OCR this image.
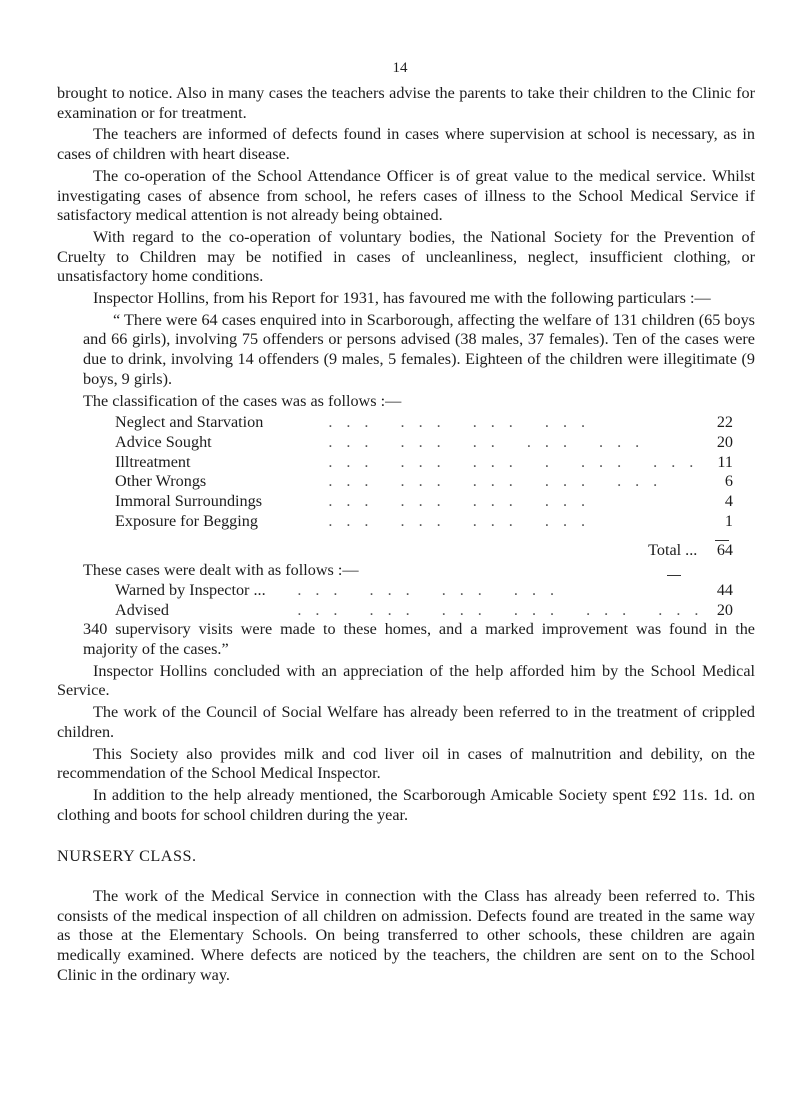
14

brought to notice. Also in many cases the teachers advise the parents to take their children to the Clinic for examination or for treatment.

The teachers are informed of defects found in cases where supervision at school is necessary, as in cases of children with heart disease.

The co-operation of the School Attendance Officer is of great value to the medical service. Whilst investigating cases of absence from school, he refers cases of illness to the School Medical Service if satisfactory medical attention is not already being obtained.

With regard to the co-operation of voluntary bodies, the National Society for the Prevention of Cruelty to Children may be notified in cases of uncleanliness, neglect, insufficient clothing, or unsatisfactory home conditions.

Inspector Hollins, from his Report for 1931, has favoured me with the following particulars :—

“ There were 64 cases enquired into in Scarborough, affecting the welfare of 131 children (65 boys and 66 girls), involving 75 offenders or persons advised (38 males, 37 females). Ten of the cases were due to drink, involving 14 offenders (9 males, 5 females). Eighteen of the children were illegitimate (9 boys, 9 girls).

The classification of the cases was as follows :—

Neglect and Starvation	... ... ... ...	22
Advice Sought	... ... .. ... ...	20
Illtreatment	... ... ... . ... ...	11
Other Wrongs	... ... ... ... ...	6
Immoral Surroundings	... ... ... ...	4
Exposure for Begging	... ... ... ...	1

	Total ...	64
These cases were dealt with as follows :—	
Warned by Inspector ...	... ... ... ...	44
Advised	... ... ... ... ... ...	20

340 supervisory visits were made to these homes, and a marked improvement was found in the majority of the cases.”

Inspector Hollins concluded with an appreciation of the help afforded him by the School Medical Service.

The work of the Council of Social Welfare has already been referred to in the treatment of crippled children.

This Society also provides milk and cod liver oil in cases of malnutrition and debility, on the recommendation of the School Medical Inspector.

In addition to the help already mentioned, the Scarborough Amicable Society spent £92 11s. 1d. on clothing and boots for school children during the year.

NURSERY CLASS.

The work of the Medical Service in connection with the Class has already been referred to. This consists of the medical inspection of all children on admission. Defects found are treated in the same way as those at the Elementary Schools. On being transferred to other schools, these children are again medically examined. Where defects are noticed by the teachers, the children are sent on to the School Clinic in the ordinary way.
